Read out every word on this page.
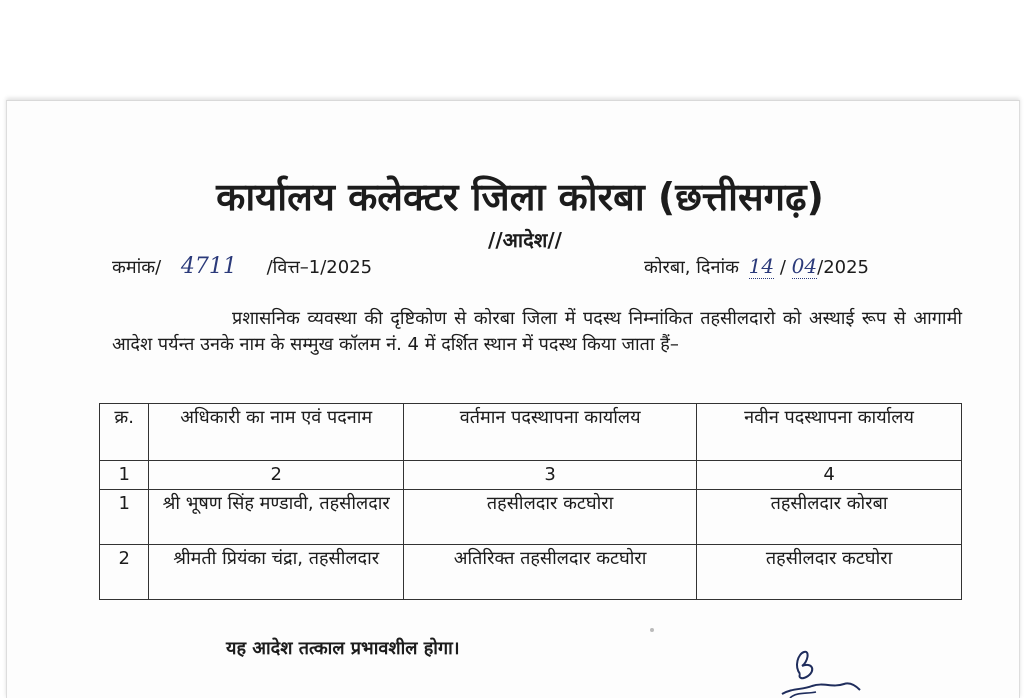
कार्यालय कलेक्टर जिला कोरबा (छत्तीसगढ़)
//आदेश//
कमांक/ 4711 /वित्त–1/2025	कोरबा, दिनांक 14 / 04/2025
प्रशासनिक व्यवस्था की दृष्टिकोण से कोरबा जिला में पदस्थ निम्नांकित तहसीलदारो को अस्थाई रूप से आगामी आदेश पर्यन्त उनके नाम के सम्मुख कॉलम नं. 4 में दर्शित स्थान में पदस्थ किया जाता हैं–
क्र.	अधिकारी का नाम एवं पदनाम	वर्तमान पदस्थापना कार्यालय	नवीन पदस्थापना कार्यालय
1	2	3	4
1	श्री भूषण सिंह मण्डावी, तहसीलदार	तहसीलदार कटघोरा	तहसीलदार कोरबा
2	श्रीमती प्रियंका चंद्रा, तहसीलदार	अतिरिक्त तहसीलदार कटघोरा	तहसीलदार कटघोरा
यह आदेश तत्काल प्रभावशील होगा।
